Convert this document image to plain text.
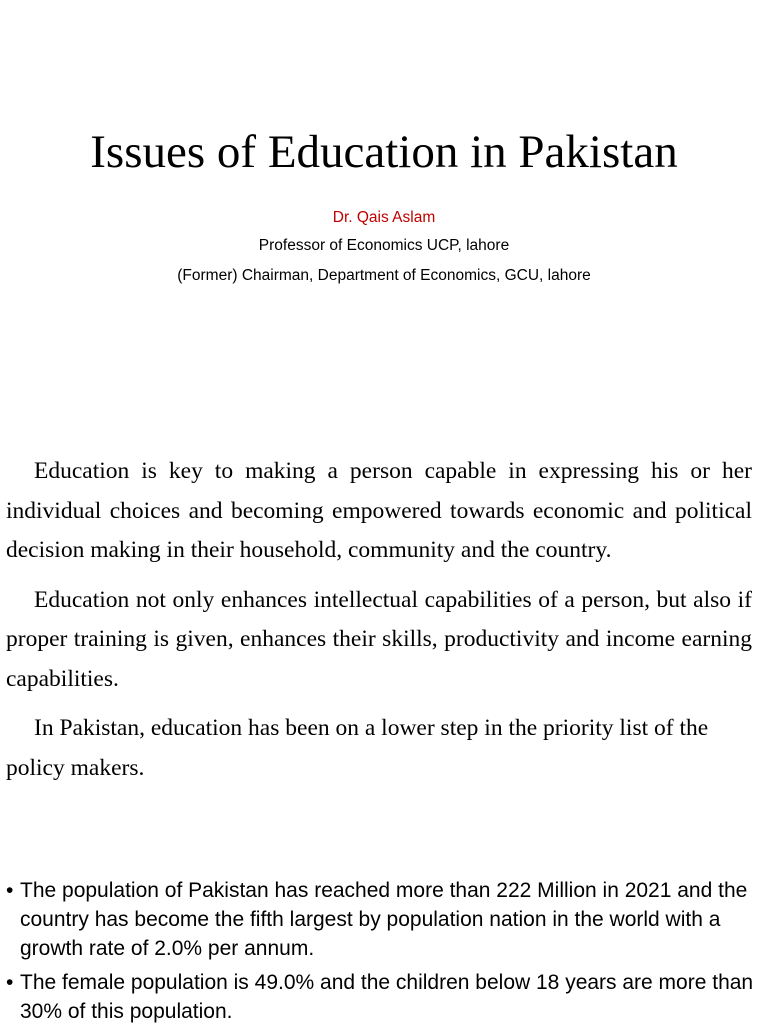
Issues of Education in Pakistan
Dr. Qais Aslam
Professor of Economics UCP, lahore
(Former) Chairman, Department of Economics, GCU, lahore

Education is key to making a person capable in expressing his or her individual choices and becoming empowered towards economic and political decision making in their household, community and the country.

Education not only enhances intellectual capabilities of a person, but also if proper training is given, enhances their skills, productivity and income earning capabilities.

In Pakistan, education has been on a lower step in the priority list of the policy makers.

• The population of Pakistan has reached more than 222 Million in 2021 and the country has become the fifth largest by population nation in the world with a growth rate of 2.0% per annum.
• The female population is 49.0% and the children below 18 years are more than 30% of this population.
